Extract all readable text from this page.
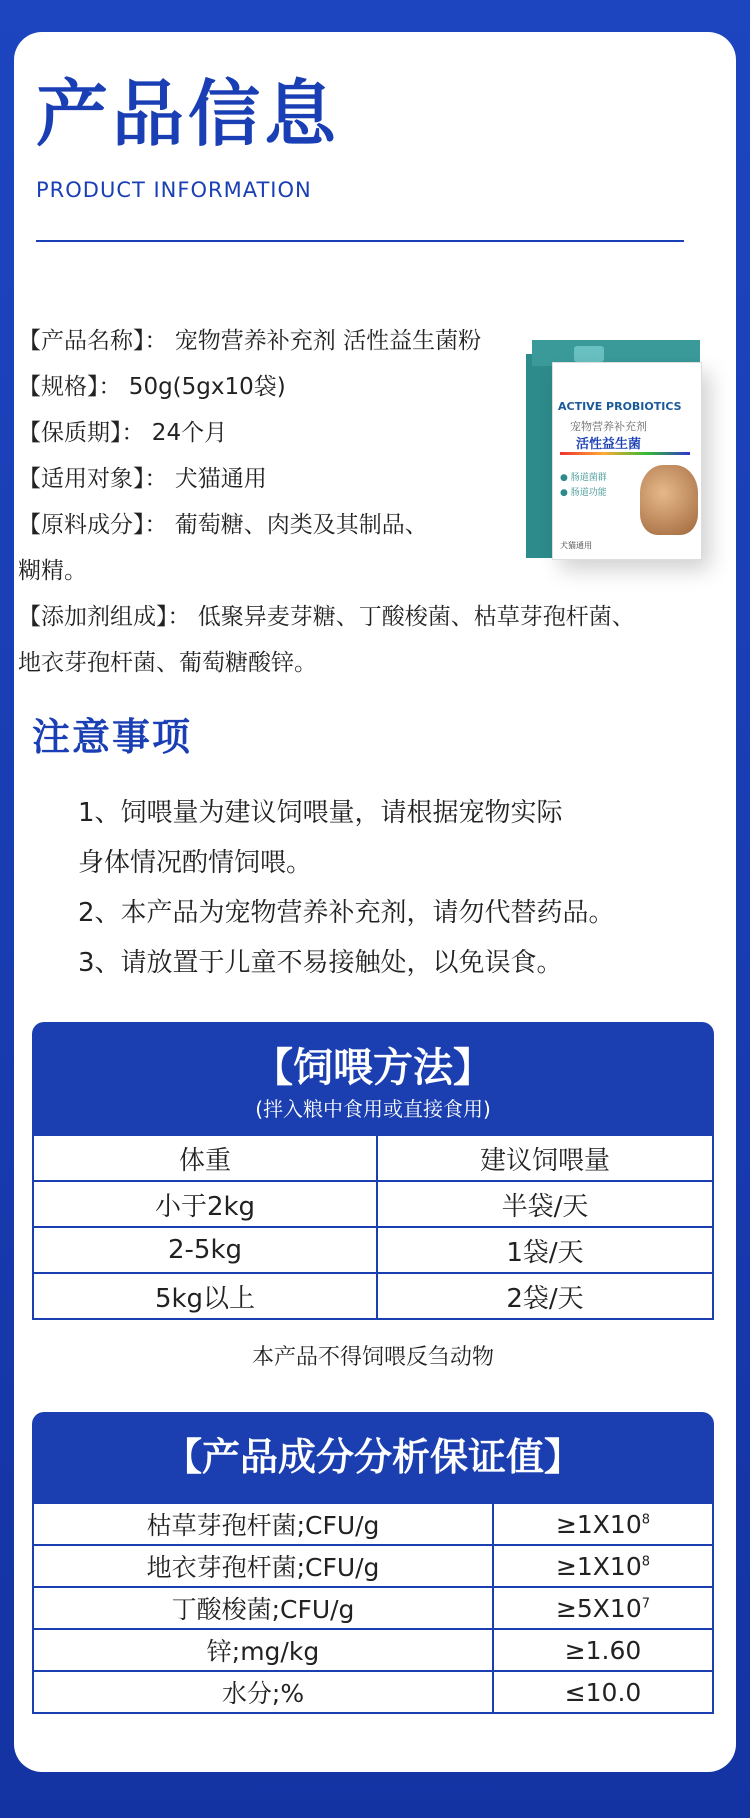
产品信息
PRODUCT INFORMATION
【产品名称】： 宠物营养补充剂 活性益生菌粉
【规格】： 50g(5gx10袋)
【保质期】： 24个月
【适用对象】： 犬猫通用
【原料成分】： 葡萄糖、肉类及其制品、
糊精。
【添加剂组成】： 低聚异麦芽糖、丁酸梭菌、枯草芽孢杆菌、
地衣芽孢杆菌、葡萄糖酸锌。
ACTIVE PROBIOTICS
宠物营养补充剂
活性益生菌
● 肠道菌群
● 肠道功能
犬猫通用
注意事项
1、饲喂量为建议饲喂量，请根据宠物实际
身体情况酌情饲喂。
2、本产品为宠物营养补充剂，请勿代替药品。
3、请放置于儿童不易接触处，以免误食。
【饲喂方法】
(拌入粮中食用或直接食用)
体重	建议饲喂量
小于2kg	半袋/天
2-5kg	1袋/天
5kg以上	2袋/天
本产品不得饲喂反刍动物
【产品成分分析保证值】
枯草芽孢杆菌;CFU/g	$\ge 1X10^8$
地衣芽孢杆菌;CFU/g	$\ge 1X10^8$
丁酸梭菌;CFU/g	$\ge 5X10^7$
锌;mg/kg	≥1.60
水分;%	≤10.0
